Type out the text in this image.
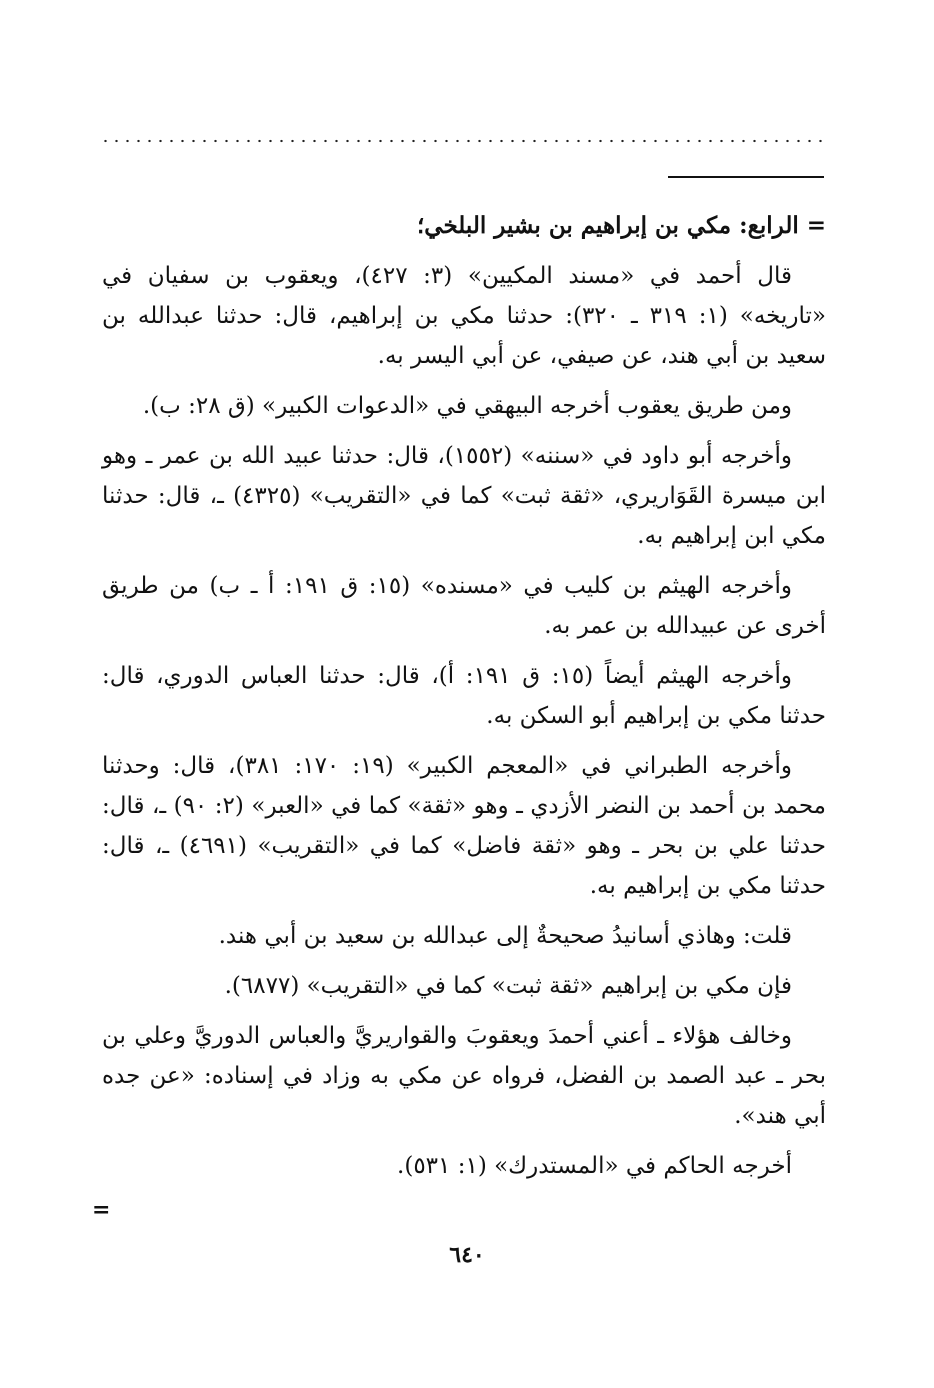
= الرابع: مكي بن إبراهيم بن بشير البلخي؛

قال أحمد في «مسند المكيين» (٣: ٤٢٧)، ويعقوب بن سفيان في «تاريخه» (١: ٣١٩ ـ ٣٢٠): حدثنا مكي بن إبراهيم، قال: حدثنا عبدالله بن سعيد بن أبي هند، عن صيفي، عن أبي اليسر به.

ومن طريق يعقوب أخرجه البيهقي في «الدعوات الكبير» (ق ٢٨: ب).

وأخرجه أبو داود في «سننه» (١٥٥٢)، قال: حدثنا عبيد الله بن عمر ـ وهو ابن ميسرة القَوَاريري، «ثقة ثبت» كما في «التقريب» (٤٣٢٥) ـ، قال: حدثنا مكي ابن إبراهيم به.

وأخرجه الهيثم بن كليب في «مسنده» (١٥: ق ١٩١: أ ـ ب) من طريق أخرى عن عبيدالله بن عمر به.

وأخرجه الهيثم أيضاً (١٥: ق ١٩١: أ)، قال: حدثنا العباس الدوري، قال: حدثنا مكي بن إبراهيم أبو السكن به.

وأخرجه الطبراني في «المعجم الكبير» (١٩: ١٧٠: ٣٨١)، قال: وحدثنا محمد بن أحمد بن النضر الأزدي ـ وهو «ثقة» كما في «العبر» (٢: ٩٠) ـ، قال: حدثنا علي بن بحر ـ وهو «ثقة فاضل» كما في «التقريب» (٤٦٩١) ـ، قال: حدثنا مكي بن إبراهيم به.

قلت: وهاذي أسانيدُ صحيحةٌ إلى عبدالله بن سعيد بن أبي هند.

فإن مكي بن إبراهيم «ثقة ثبت» كما في «التقريب» (٦٨٧٧).

وخالف هؤلاء ـ أعني أحمدَ ويعقوبَ والقواريريَّ والعباس الدوريَّ وعلي بن بحر ـ عبد الصمد بن الفضل، فرواه عن مكي به وزاد في إسناده: «عن جده أبي هند».

أخرجه الحاكم في «المستدرك» (١: ٥٣١).

=
٦٤٠
